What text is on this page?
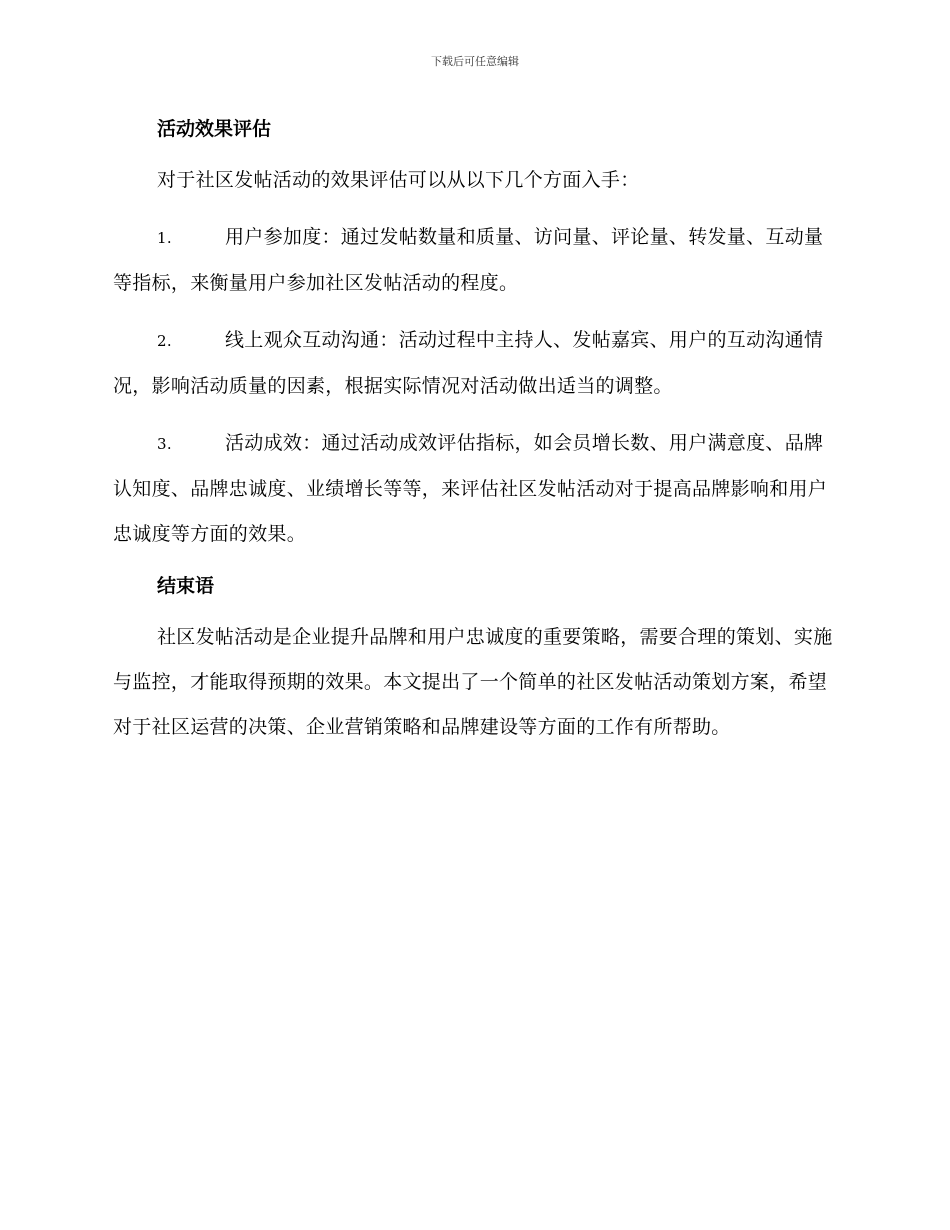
下载后可任意编辑
活动效果评估

对于社区发帖活动的效果评估可以从以下几个方面入手：

1.	用户参加度：通过发帖数量和质量、访问量、评论量、转发量、互动量等指标，来衡量用户参加社区发帖活动的程度。

2.	线上观众互动沟通：活动过程中主持人、发帖嘉宾、用户的互动沟通情况，影响活动质量的因素，根据实际情况对活动做出适当的调整。

3.	活动成效：通过活动成效评估指标，如会员增长数、用户满意度、品牌认知度、品牌忠诚度、业绩增长等等，来评估社区发帖活动对于提高品牌影响和用户忠诚度等方面的效果。

结束语

社区发帖活动是企业提升品牌和用户忠诚度的重要策略，需要合理的策划、实施与监控，才能取得预期的效果。本文提出了一个简单的社区发帖活动策划方案，希望对于社区运营的决策、企业营销策略和品牌建设等方面的工作有所帮助。
